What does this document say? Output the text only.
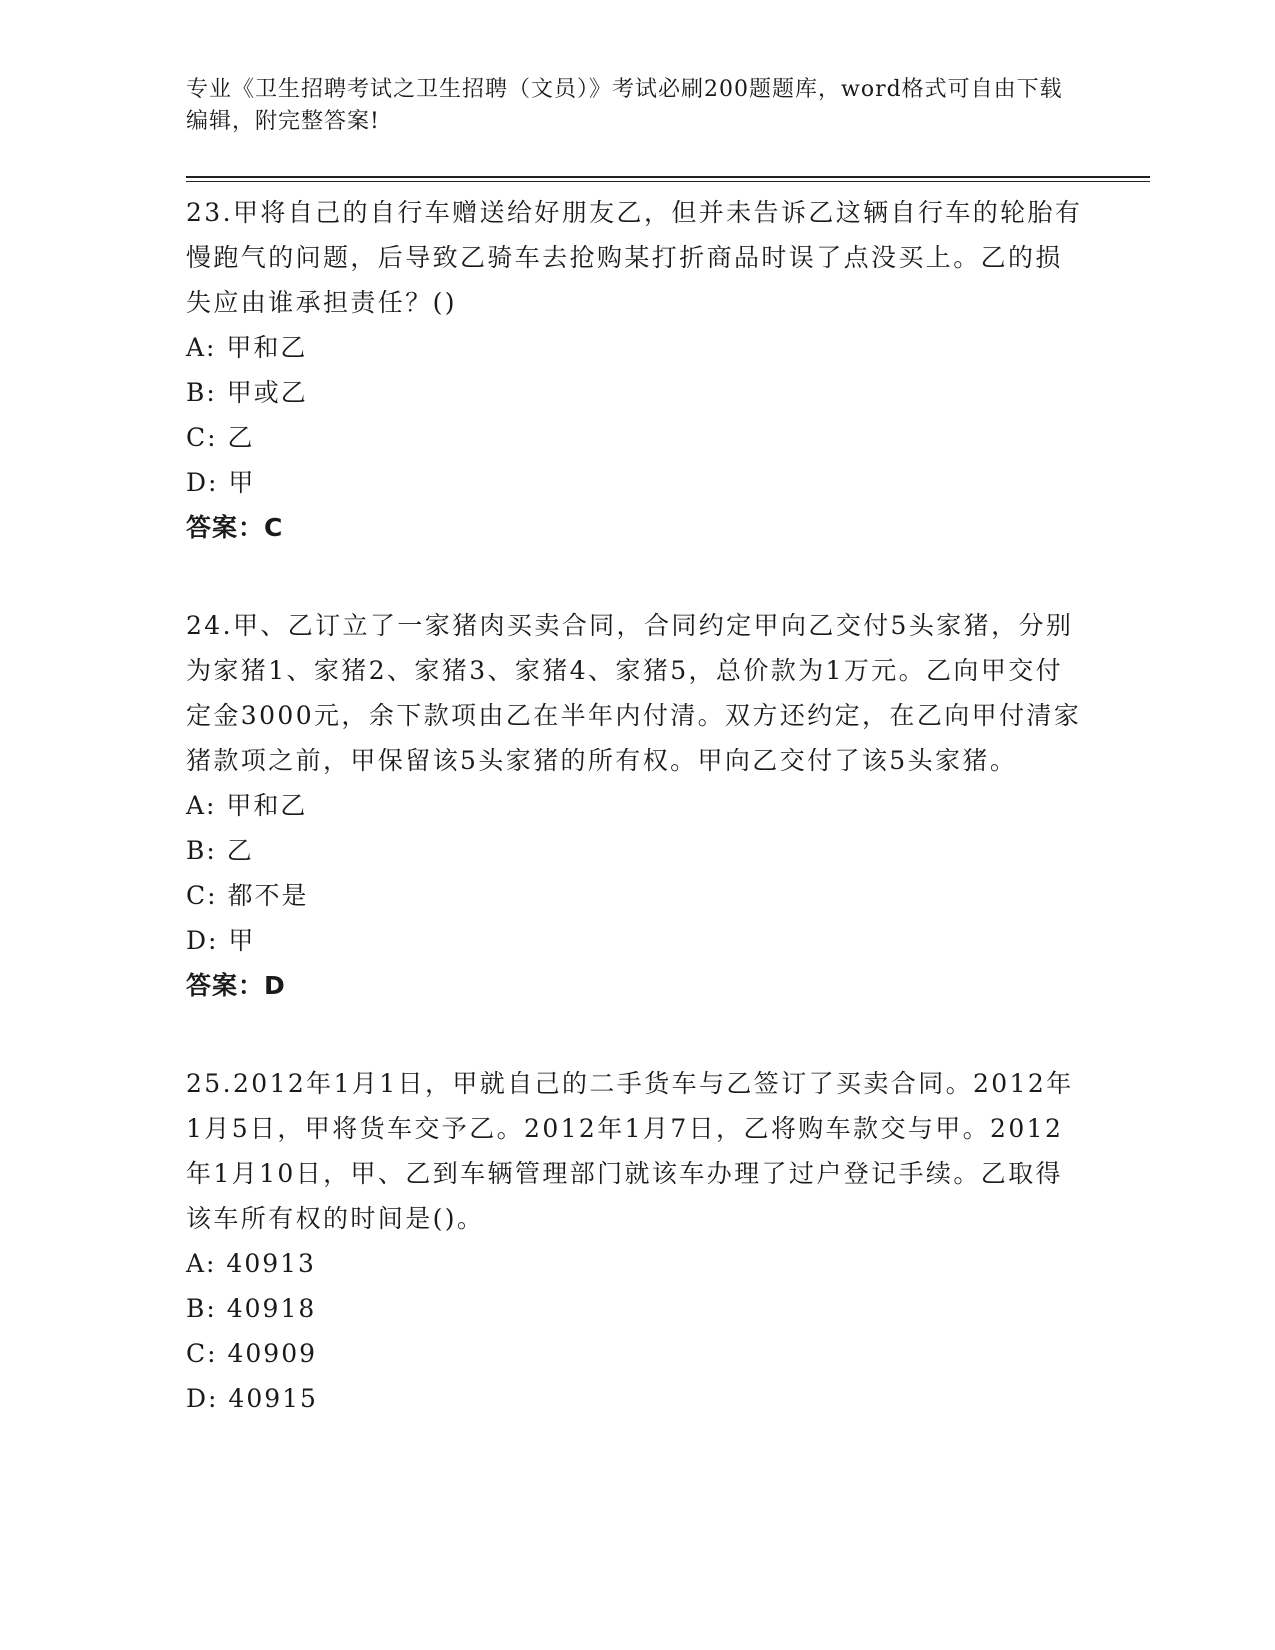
专业《卫生招聘考试之卫生招聘（文员）》考试必刷200题题库，word格式可自由下载编辑，附完整答案!

23.甲将自己的自行车赠送给好朋友乙，但并未告诉乙这辆自行车的轮胎有慢跑气的问题，后导致乙骑车去抢购某打折商品时误了点没买上。乙的损失应由谁承担责任？()

A: 甲和乙

B: 甲或乙

C: 乙

D: 甲

答案：C

24.甲、乙订立了一家猪肉买卖合同，合同约定甲向乙交付5头家猪，分别为家猪1、家猪2、家猪3、家猪4、家猪5，总价款为1万元。乙向甲交付定金3000元，余下款项由乙在半年内付清。双方还约定，在乙向甲付清家猪款项之前，甲保留该5头家猪的所有权。甲向乙交付了该5头家猪。

A: 甲和乙

B: 乙

C: 都不是

D: 甲

答案：D

25.2012年1月1日，甲就自己的二手货车与乙签订了买卖合同。2012年1月5日，甲将货车交予乙。2012年1月7日，乙将购车款交与甲。2012年1月10日，甲、乙到车辆管理部门就该车办理了过户登记手续。乙取得该车所有权的时间是()。

A: 40913

B: 40918

C: 40909

D: 40915
